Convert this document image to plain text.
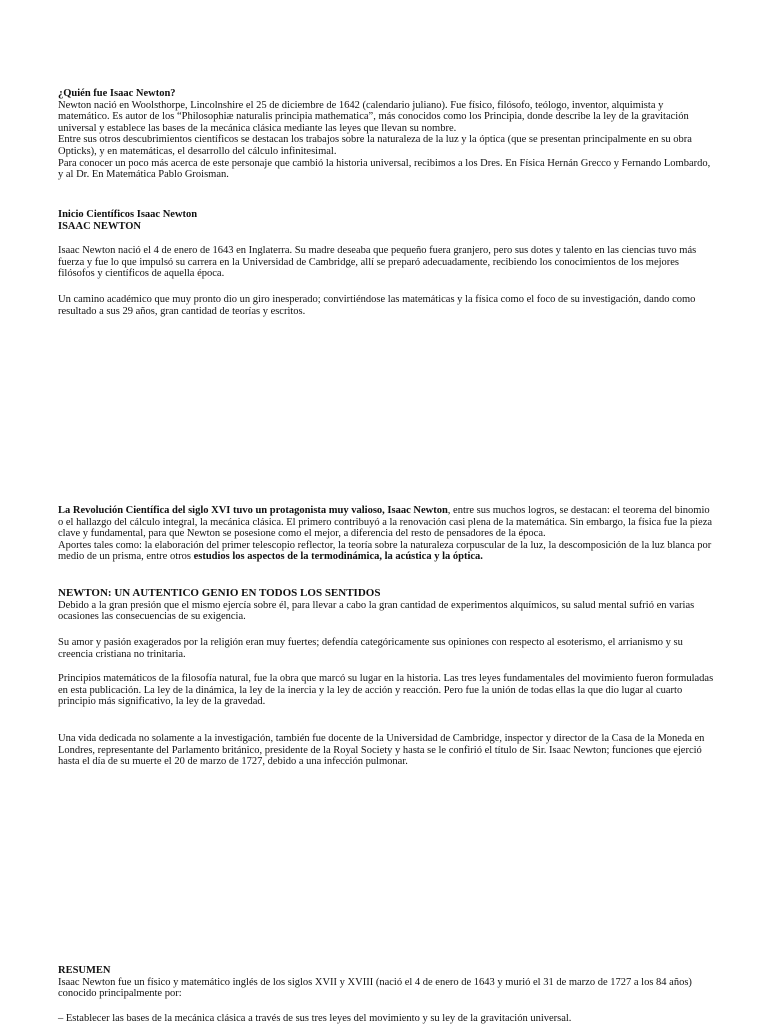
¿Quién fue Isaac Newton?

Newton nació en Woolsthorpe, Lincolnshire el 25 de diciembre de 1642 (calendario juliano). Fue físico, filósofo, teólogo, inventor, alquimista y matemático. Es autor de los “Philosophiæ naturalis principia mathematica”, más conocidos como los Principia, donde describe la ley de la gravitación universal y establece las bases de la mecánica clásica mediante las leyes que llevan su nombre.

Entre sus otros descubrimientos científicos se destacan los trabajos sobre la naturaleza de la luz y la óptica (que se presentan principalmente en su obra Opticks), y en matemáticas, el desarrollo del cálculo infinitesimal.

Para conocer un poco más acerca de este personaje que cambió la historia universal, recibimos a los Dres. En Física Hernán Grecco y Fernando Lombardo, y al Dr. En Matemática Pablo Groisman.

Inicio Científicos Isaac Newton

ISAAC NEWTON

Isaac Newton nació el 4 de enero de 1643 en Inglaterra. Su madre deseaba que pequeño fuera granjero, pero sus dotes y talento en las ciencias tuvo más fuerza y fue lo que impulsó su carrera en la Universidad de Cambridge, allí se preparó adecuadamente, recibiendo los conocimientos de los mejores filósofos y científicos de aquella época.

Un camino académico que muy pronto dio un giro inesperado; convirtiéndose las matemáticas y la física como el foco de su investigación, dando como resultado a sus 29 años, gran cantidad de teorías y escritos.

La Revolución Científica del siglo XVI tuvo un protagonista muy valioso, Isaac Newton, entre sus muchos logros, se destacan: el teorema del binomio o el hallazgo del cálculo integral, la mecánica clásica. El primero contribuyó a la renovación casi plena de la matemática. Sin embargo, la física fue la pieza clave y fundamental, para que Newton se posesione como el mejor, a diferencia del resto de pensadores de la época.

Aportes tales como: la elaboración del primer telescopio reflector, la teoría sobre la naturaleza corpuscular de la luz, la descomposición de la luz blanca por medio de un prisma, entre otros estudios los aspectos de la termodinámica, la acústica y la óptica.

NEWTON: UN AUTENTICO GENIO EN TODOS LOS SENTIDOS

Debido a la gran presión que el mismo ejercía sobre él, para llevar a cabo la gran cantidad de experimentos alquímicos, su salud mental sufrió en varias ocasiones las consecuencias de su exigencia.

Su amor y pasión exagerados por la religión eran muy fuertes; defendía categóricamente sus opiniones con respecto al esoterismo, el arrianismo y su creencia cristiana no trinitaria.

Principios matemáticos de la filosofía natural, fue la obra que marcó su lugar en la historia. Las tres leyes fundamentales del movimiento fueron formuladas en esta publicación. La ley de la dinámica, la ley de la inercia y la ley de acción y reacción. Pero fue la unión de todas ellas la que dio lugar al cuarto principio más significativo, la ley de la gravedad.

Una vida dedicada no solamente a la investigación, también fue docente de la Universidad de Cambridge, inspector y director de la Casa de la Moneda en Londres, representante del Parlamento británico, presidente de la Royal Society y hasta se le confirió el título de Sir. Isaac Newton; funciones que ejerció hasta el día de su muerte el 20 de marzo de 1727, debido a una infección pulmonar.

RESUMEN

Isaac Newton fue un físico y matemático inglés de los siglos XVII y XVIII (nació el 4 de enero de 1643 y murió el 31 de marzo de 1727 a los 84 años) conocido principalmente por:

– Establecer las bases de la mecánica clásica a través de sus tres leyes del movimiento y su ley de la gravitación universal.
